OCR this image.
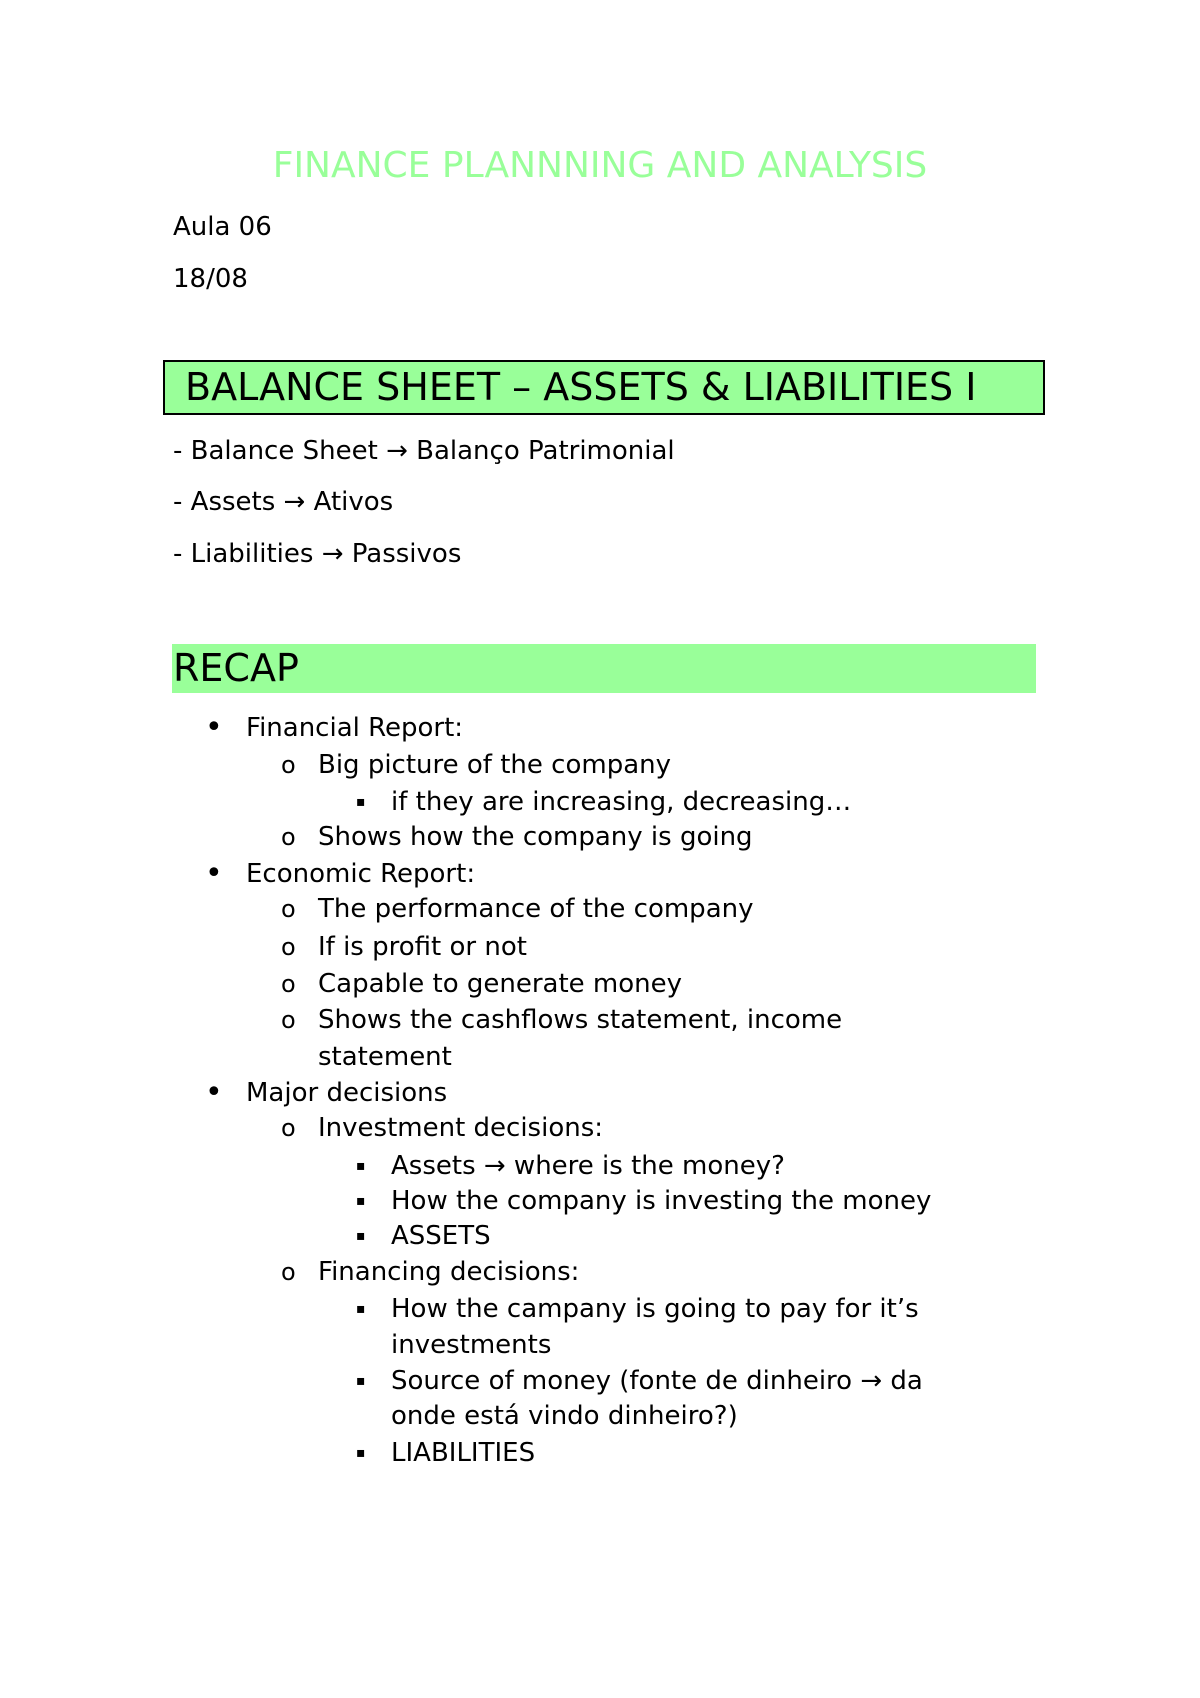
FINANCE PLANNNING AND ANALYSIS
Aula 06
18/08
BALANCE SHEET – ASSETS & LIABILITIES I
- Balance Sheet → Balanço Patrimonial
- Assets → Ativos
- Liabilities → Passivos
RECAP
• Financial Report:
o Big picture of the company
▪ if they are increasing, decreasing…
o Shows how the company is going
• Economic Report:
o The performance of the company
o If is profit or not
o Capable to generate money
o Shows the cashflows statement, income
statement
• Major decisions
o Investment decisions:
▪ Assets → where is the money?
▪ How the company is investing the money
▪ ASSETS
o Financing decisions:
▪ How the campany is going to pay for it’s
investments
▪ Source of money (fonte de dinheiro → da
onde está vindo dinheiro?)
▪ LIABILITIES
